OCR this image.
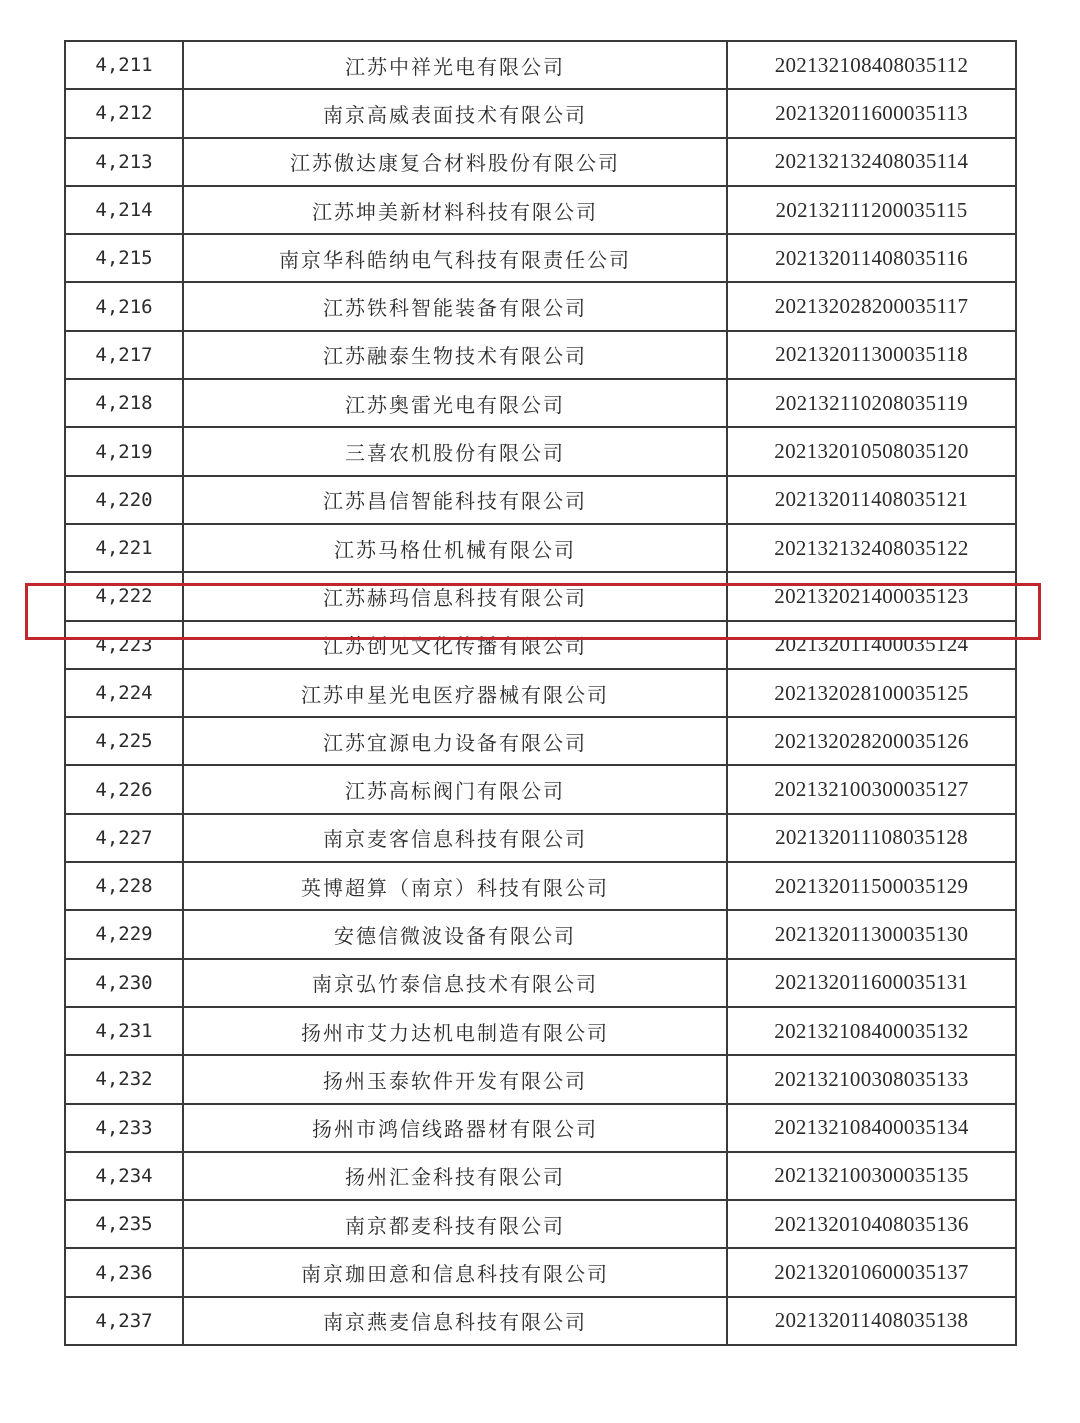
4,211	江苏中祥光电有限公司	202132108408035112
4,212	南京高威表面技术有限公司	202132011600035113
4,213	江苏傲达康复合材料股份有限公司	202132132408035114
4,214	江苏坤美新材料科技有限公司	202132111200035115
4,215	南京华科皓纳电气科技有限责任公司	202132011408035116
4,216	江苏铁科智能装备有限公司	202132028200035117
4,217	江苏融泰生物技术有限公司	202132011300035118
4,218	江苏奥雷光电有限公司	202132110208035119
4,219	三喜农机股份有限公司	202132010508035120
4,220	江苏昌信智能科技有限公司	202132011408035121
4,221	江苏马格仕机械有限公司	202132132408035122
4,222	江苏赫玛信息科技有限公司	202132021400035123
4,223	江苏创见文化传播有限公司	202132011400035124
4,224	江苏申星光电医疗器械有限公司	202132028100035125
4,225	江苏宜源电力设备有限公司	202132028200035126
4,226	江苏高标阀门有限公司	202132100300035127
4,227	南京麦客信息科技有限公司	202132011108035128
4,228	英博超算（南京）科技有限公司	202132011500035129
4,229	安德信微波设备有限公司	202132011300035130
4,230	南京弘竹泰信息技术有限公司	202132011600035131
4,231	扬州市艾力达机电制造有限公司	202132108400035132
4,232	扬州玉泰软件开发有限公司	202132100308035133
4,233	扬州市鸿信线路器材有限公司	202132108400035134
4,234	扬州汇金科技有限公司	202132100300035135
4,235	南京都麦科技有限公司	202132010408035136
4,236	南京珈田意和信息科技有限公司	202132010600035137
4,237	南京燕麦信息科技有限公司	202132011408035138
